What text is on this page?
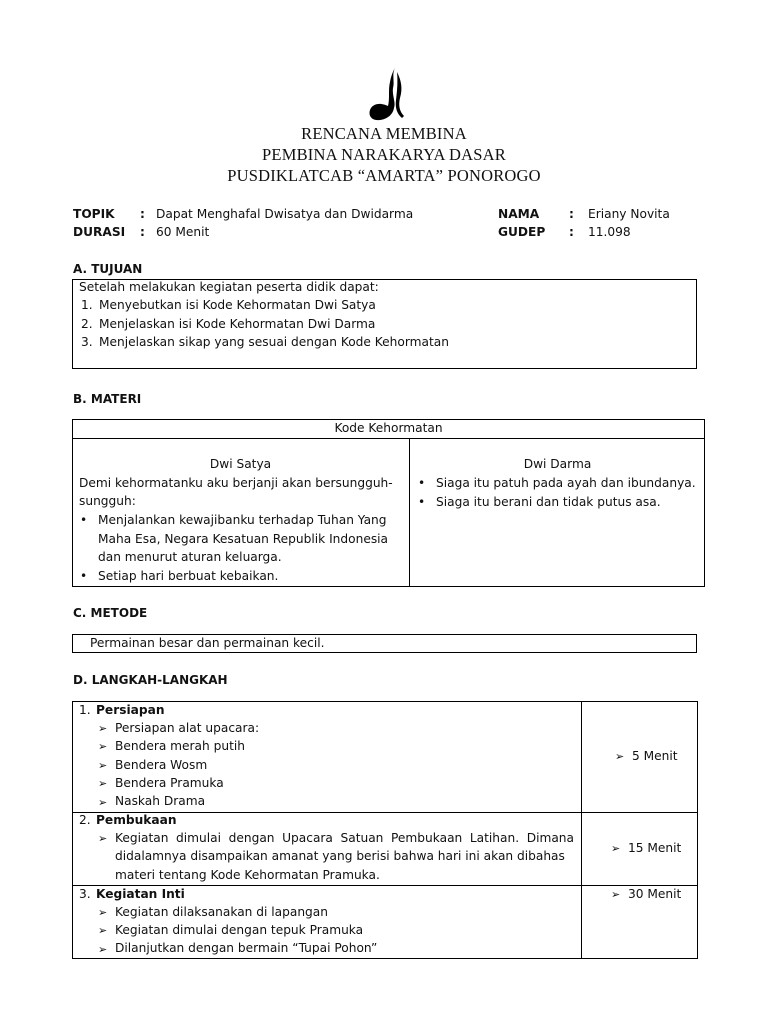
RENCANA MEMBINA
PEMBINA NARAKARYA DASAR
PUSDIKLATCAB “AMARTA” PONOROGO
TOPIK : Dapat Menghafal Dwisatya dan Dwidarma
DURASI : 60 Menit
NAMA : Eriany Novita
GUDEP : 11.098
A. TUJUAN
Setelah melakukan kegiatan peserta didik dapat:
1. Menyebutkan isi Kode Kehormatan Dwi Satya
2. Menjelaskan isi Kode Kehormatan Dwi Darma
3. Menjelaskan sikap yang sesuai dengan Kode Kehormatan
B. MATERI
Kode Kehormatan
Dwi Satya
Demi kehormatanku aku berjanji akan bersungguh-
sungguh:
• Menjalankan kewajibanku terhadap Tuhan Yang
Maha Esa, Negara Kesatuan Republik Indonesia
dan menurut aturan keluarga.
• Setiap hari berbuat kebaikan.
Dwi Darma
• Siaga itu patuh pada ayah dan ibundanya.
• Siaga itu berani dan tidak putus asa.
C. METODE
Permainan besar dan permainan kecil.
D. LANGKAH-LANGKAH
1. Persiapan
➢ Persiapan alat upacara:
➢ Bendera merah putih
➢ Bendera Wosm
➢ Bendera Pramuka
➢ Naskah Drama
➢ 5 Menit
2. Pembukaan
➢ Kegiatan dimulai dengan Upacara Satuan Pembukaan Latihan. Dimana
didalamnya disampaikan amanat yang berisi bahwa hari ini akan dibahas
materi tentang Kode Kehormatan Pramuka.
➢ 15 Menit
3. Kegiatan Inti
➢ Kegiatan dilaksanakan di lapangan
➢ Kegiatan dimulai dengan tepuk Pramuka
➢ Dilanjutkan dengan bermain “Tupai Pohon”
➢ 30 Menit
